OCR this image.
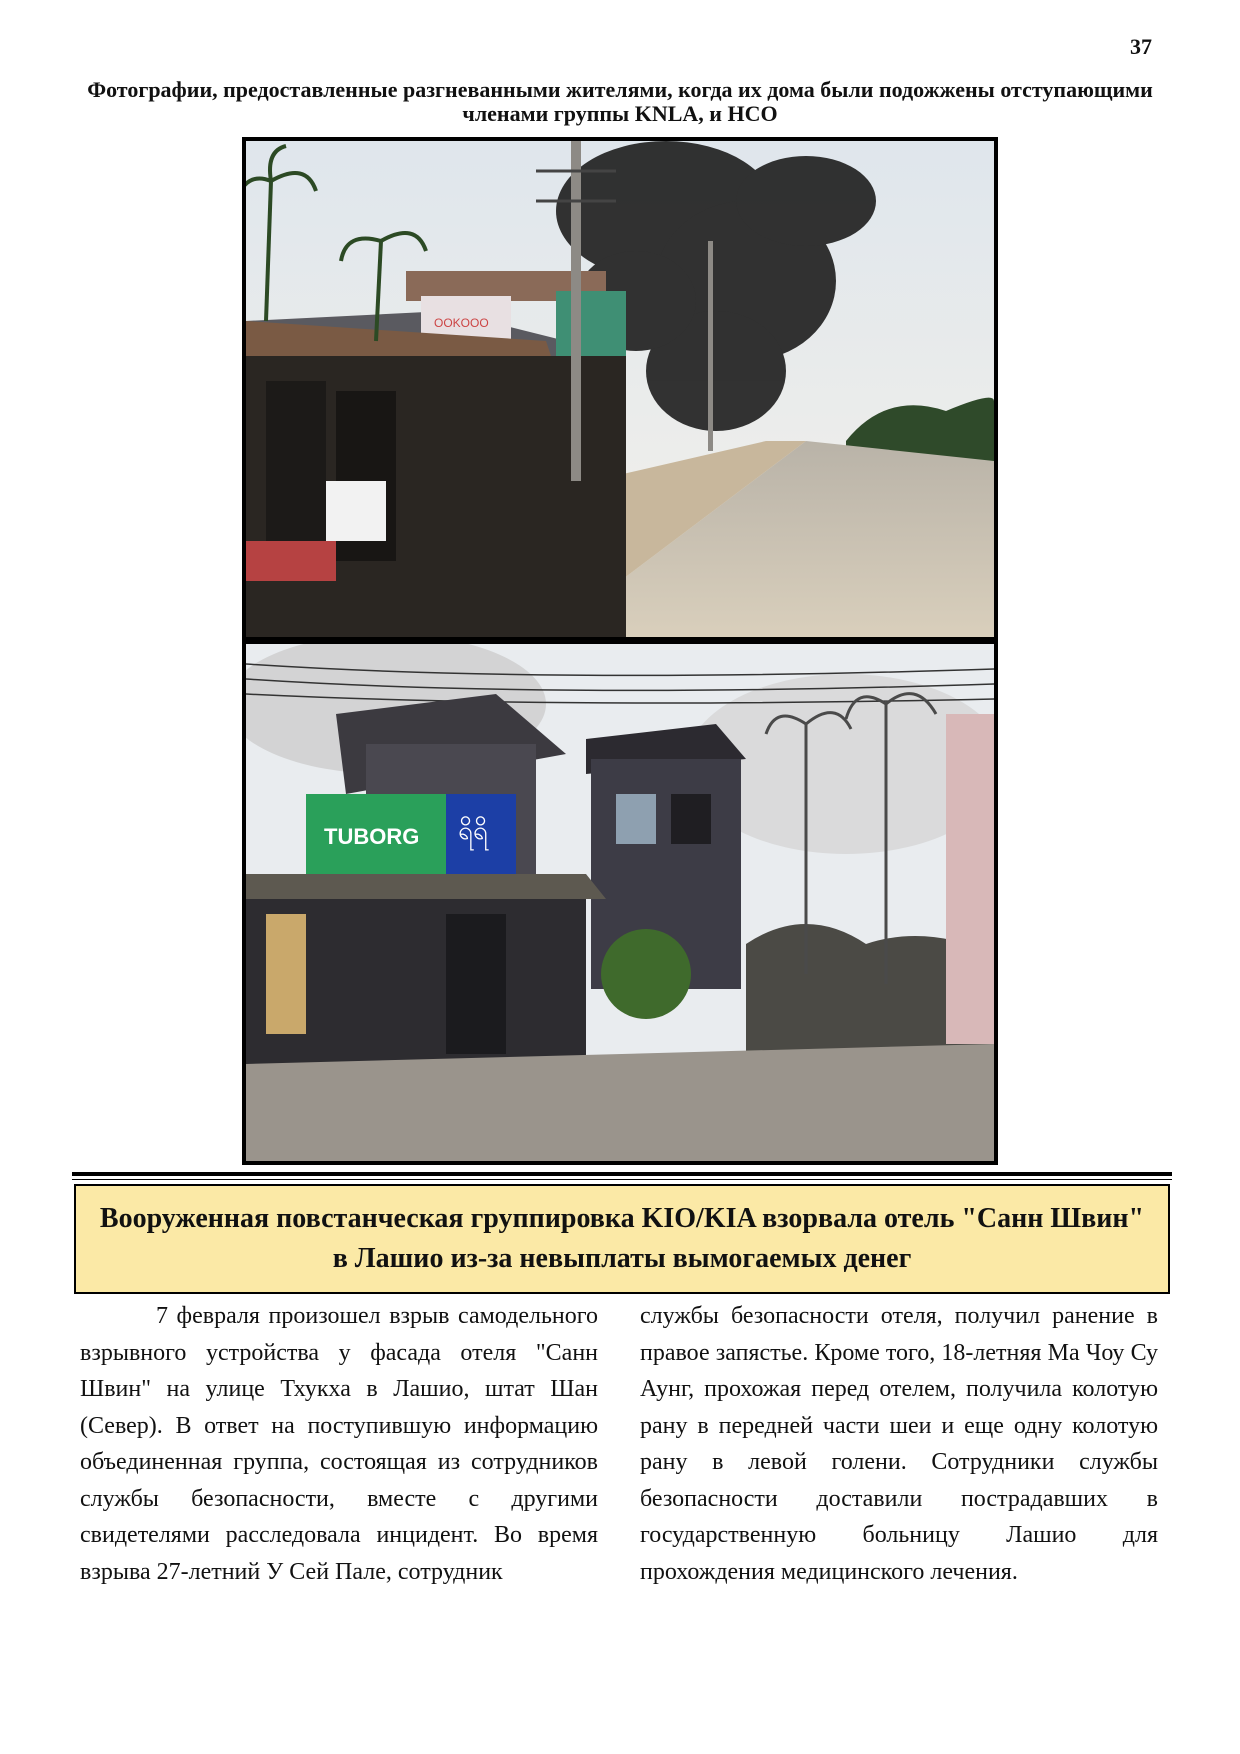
37
Фотографии, предоставленные разгневанными жителями, когда их дома были подожжены отступающими членами группы KNLA, и НСО
OOKOOO
TUBORG ရိရိ
Вооруженная повстанческая группировка KIO/KIA взорвала отель "Санн Швин" в Лашио из-за невыплаты вымогаемых денег
7 февраля произошел взрыв самодельного взрывного устройства у фасада отеля "Санн Швин" на улице Тхукха в Лашио, штат Шан (Север). В ответ на поступившую информацию объединенная группа, состоящая из сотрудников службы безопасности, вместе с другими свидетелями расследовала инцидент. Во время взрыва 27-летний У Сей Пале, сотрудник
службы безопасности отеля, получил ранение в правое запястье. Кроме того, 18-летняя Ма Чоу Су Аунг, прохожая перед отелем, получила колотую рану в передней части шеи и еще одну колотую рану в левой голени. Сотрудники службы безопасности доставили пострадавших в государственную больницу Лашио для прохождения медицинского лечения.
